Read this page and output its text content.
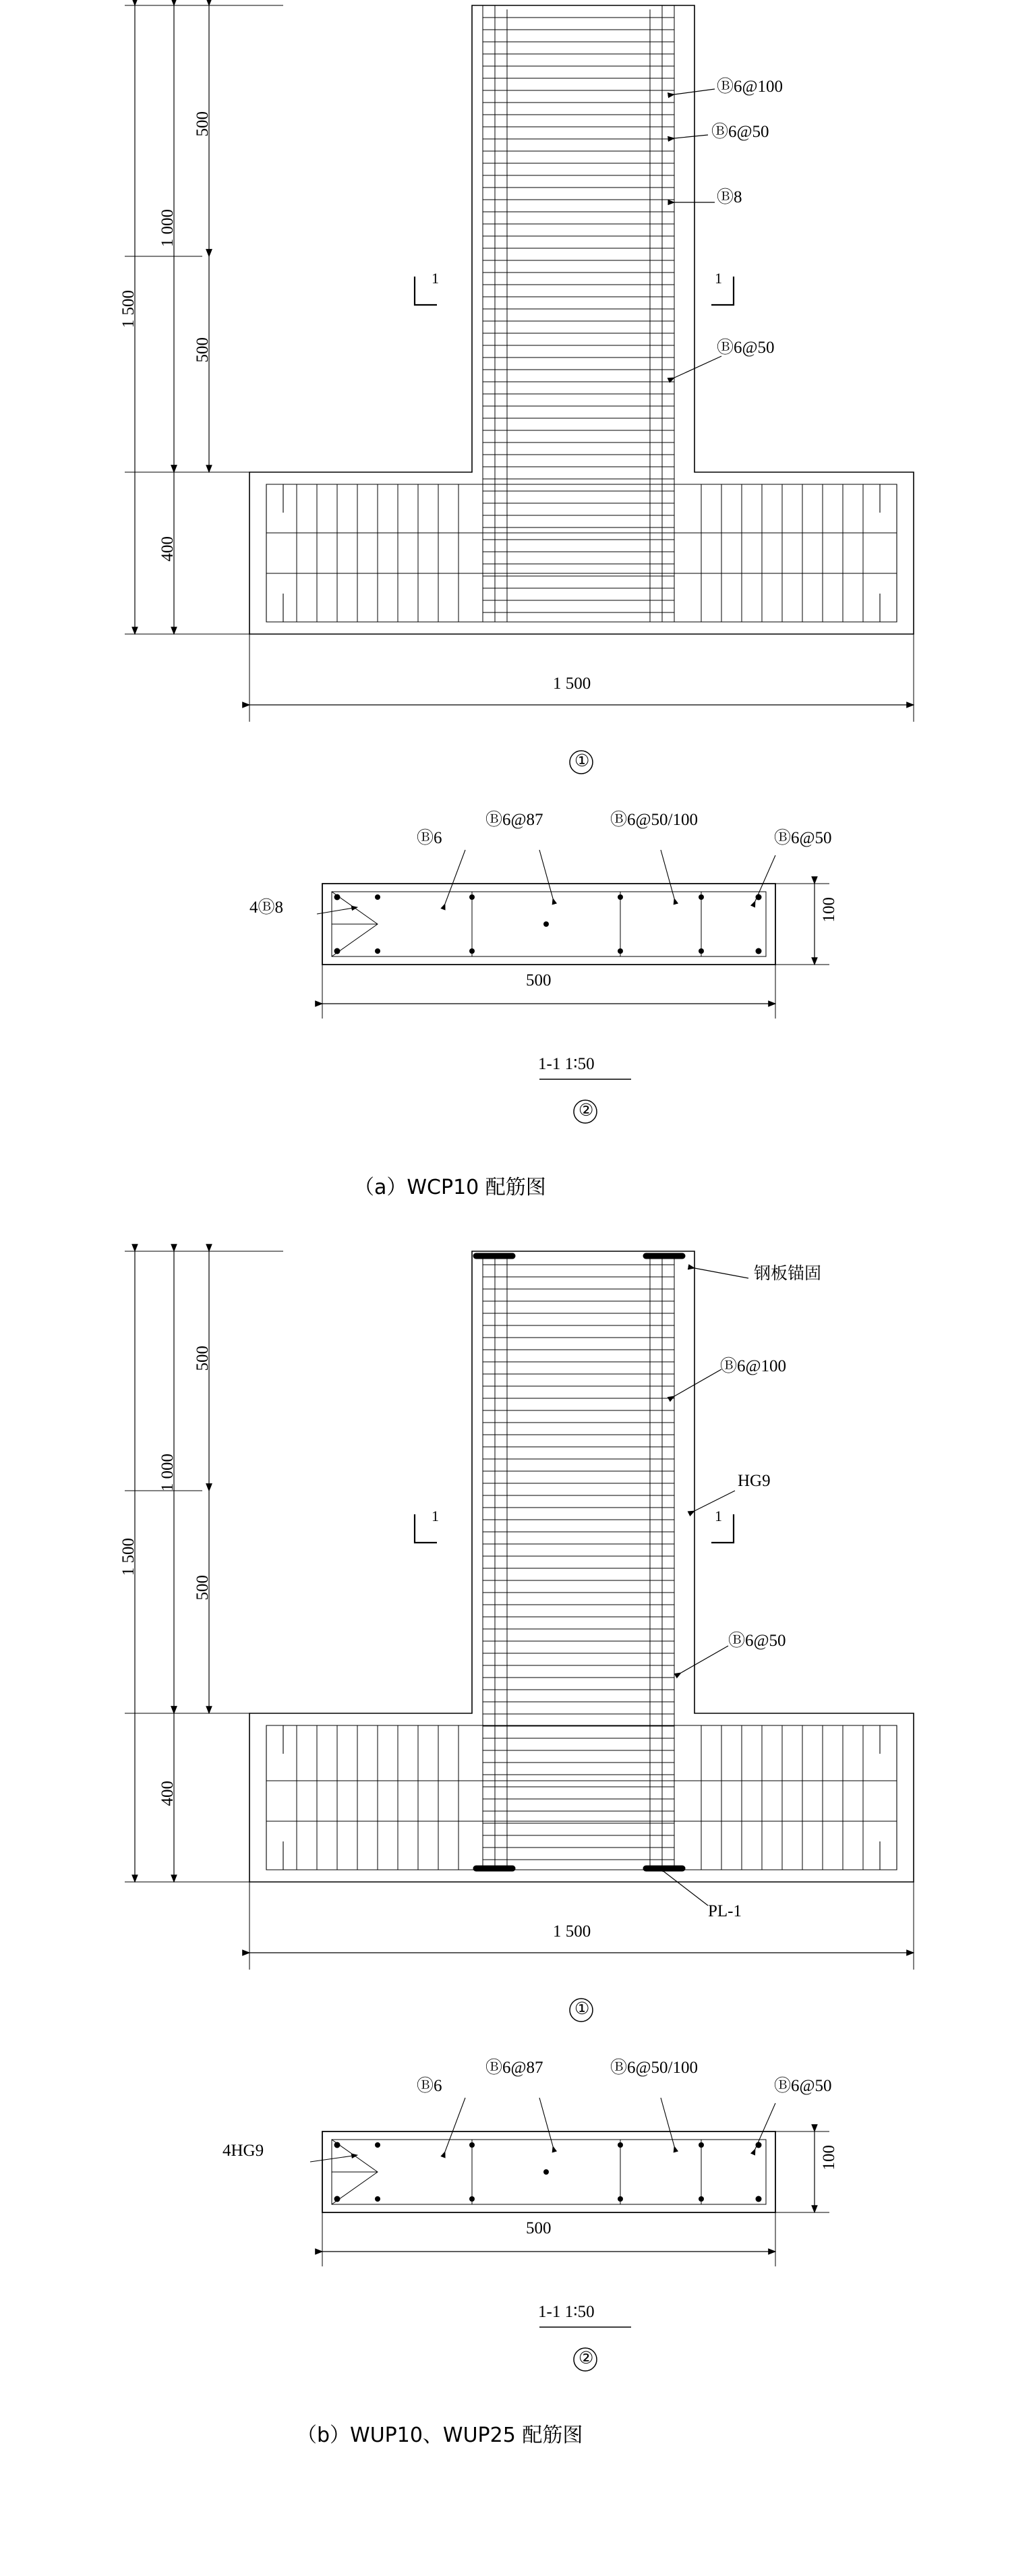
1 500
1 000
500
500
400
1 500
Ⓑ6@100
Ⓑ6@50
Ⓑ8
Ⓑ6@50
1	1
①
Ⓑ6
Ⓑ6@87	Ⓑ6@50/100
Ⓑ6@50
4Ⓑ8
500
100
1-1 1∶50
②
（a）WCP10 配筋图
1 500
1 000
500
500
400
1 500
钢板锚固
Ⓑ6@100
HG9
Ⓑ6@50
PL-1
1	1
①
Ⓑ6
Ⓑ6@87	Ⓑ6@50/100
Ⓑ6@50
4HG9
500
100
1-1 1∶50
②
（b）WUP10、WUP25 配筋图
